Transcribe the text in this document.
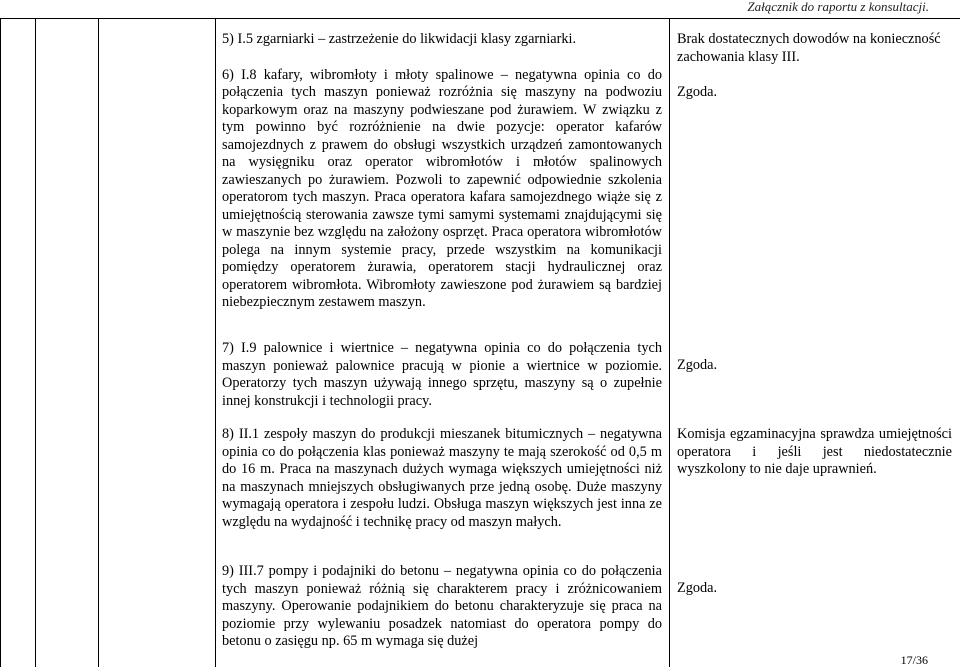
Załącznik do raportu z konsultacji.

5) I.5 zgarniarki – zastrzeżenie do likwidacji klasy zgarniarki.

6) I.8 kafary, wibromłoty i młoty spalinowe – negatywna opinia co do połączenia tych maszyn ponieważ rozróżnia się maszyny na podwoziu koparkowym oraz na maszyny podwieszane pod żurawiem. W związku z tym powinno być rozróżnienie na dwie pozycje: operator kafarów samojezdnych z prawem do obsługi wszystkich urządzeń zamontowanych na wysięgniku oraz operator wibromłotów i młotów spalinowych zawieszanych po żurawiem. Pozwoli to zapewnić odpowiednie szkolenia operatorom tych maszyn. Praca operatora kafara samojezdnego wiąże się z umiejętnością sterowania zawsze tymi samymi systemami znajdującymi się w maszynie bez względu na założony osprzęt. Praca operatora wibromłotów polega na innym systemie pracy, przede wszystkim na komunikacji pomiędzy operatorem żurawia, operatorem stacji hydraulicznej oraz operatorem wibromłota. Wibromłoty zawieszone pod żurawiem są bardziej niebezpiecznym zestawem maszyn.

Brak dostatecznych dowodów na konieczność zachowania klasy III.

Zgoda.

7) I.9 palownice i wiertnice – negatywna opinia co do połączenia tych maszyn ponieważ palownice pracują w pionie a wiertnice w poziomie. Operatorzy tych maszyn używają innego sprzętu, maszyny są o zupełnie innej konstrukcji i technologii pracy.

Zgoda.

8) II.1 zespoły maszyn do produkcji mieszanek bitumicznych – negatywna opinia co do połączenia klas ponieważ maszyny te mają szerokość od 0,5 m do 16 m. Praca na maszynach dużych wymaga większych umiejętności niż na maszynach mniejszych obsługiwanych prze jedną osobę. Duże maszyny wymagają operatora i zespołu ludzi. Obsługa maszyn większych jest inna ze względu na wydajność i technikę pracy od maszyn małych.

Komisja egzaminacyjna sprawdza umiejętności operatora i jeśli jest niedostatecznie wyszkolony to nie daje uprawnień.

9) III.7 pompy i podajniki do betonu – negatywna opinia co do połączenia tych maszyn ponieważ różnią się charakterem pracy i zróżnicowaniem maszyny. Operowanie podajnikiem do betonu charakteryzuje się praca na poziomie przy wylewaniu posadzek natomiast do operatora pompy do betonu o zasięgu np. 65 m wymaga się dużej

Zgoda.

17/36
